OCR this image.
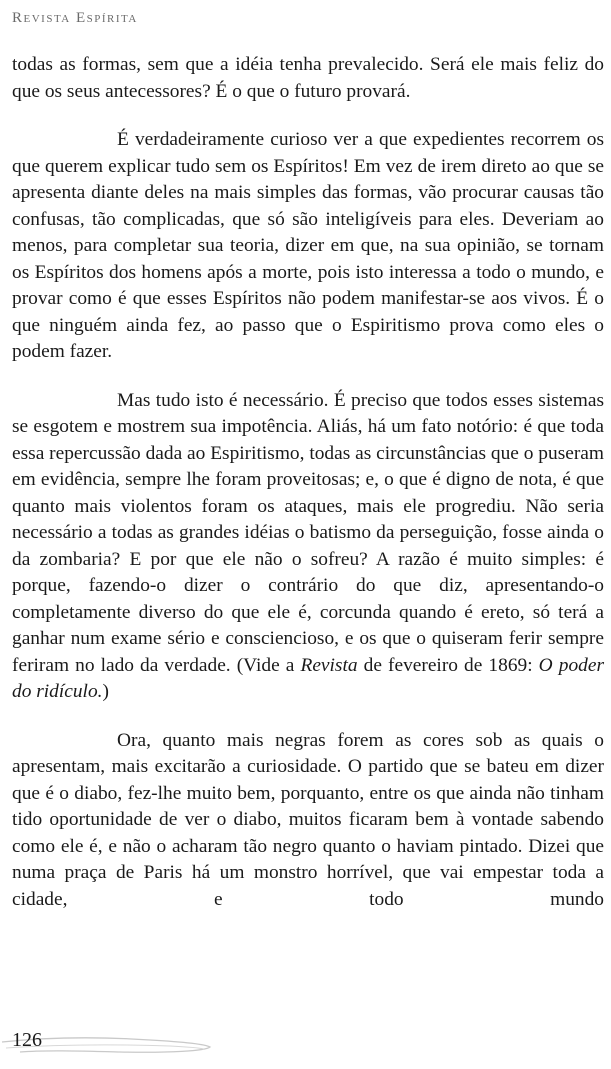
Revista Espírita

todas as formas, sem que a idéia tenha prevalecido. Será ele mais feliz do que os seus antecessores? É o que o futuro provará.

É verdadeiramente curioso ver a que expedientes recorrem os que querem explicar tudo sem os Espíritos! Em vez de irem direto ao que se apresenta diante deles na mais simples das formas, vão procurar causas tão confusas, tão complicadas, que só são inteligíveis para eles. Deveriam ao menos, para completar sua teoria, dizer em que, na sua opinião, se tornam os Espíritos dos homens após a morte, pois isto interessa a todo o mundo, e provar como é que esses Espíritos não podem manifestar-se aos vivos. É o que ninguém ainda fez, ao passo que o Espiritismo prova como eles o podem fazer.

Mas tudo isto é necessário. É preciso que todos esses sistemas se esgotem e mostrem sua impotência. Aliás, há um fato notório: é que toda essa repercussão dada ao Espiritismo, todas as circunstâncias que o puseram em evidência, sempre lhe foram proveitosas; e, o que é digno de nota, é que quanto mais violentos foram os ataques, mais ele progrediu. Não seria necessário a todas as grandes idéias o batismo da perseguição, fosse ainda o da zombaria? E por que ele não o sofreu? A razão é muito simples: é porque, fazendo-o dizer o contrário do que diz, apresentando-o completamente diverso do que ele é, corcunda quando é ereto, só terá a ganhar num exame sério e consciencioso, e os que o quiseram ferir sempre feriram no lado da verdade. (Vide a Revista de fevereiro de 1869: O poder do ridículo.)

Ora, quanto mais negras forem as cores sob as quais o apresentam, mais excitarão a curiosidade. O partido que se bateu em dizer que é o diabo, fez-lhe muito bem, porquanto, entre os que ainda não tinham tido oportunidade de ver o diabo, muitos ficaram bem à vontade sabendo como ele é, e não o acharam tão negro quanto o haviam pintado. Dizei que numa praça de Paris há um monstro horrível, que vai empestar toda a cidade, e todo mundo

126
